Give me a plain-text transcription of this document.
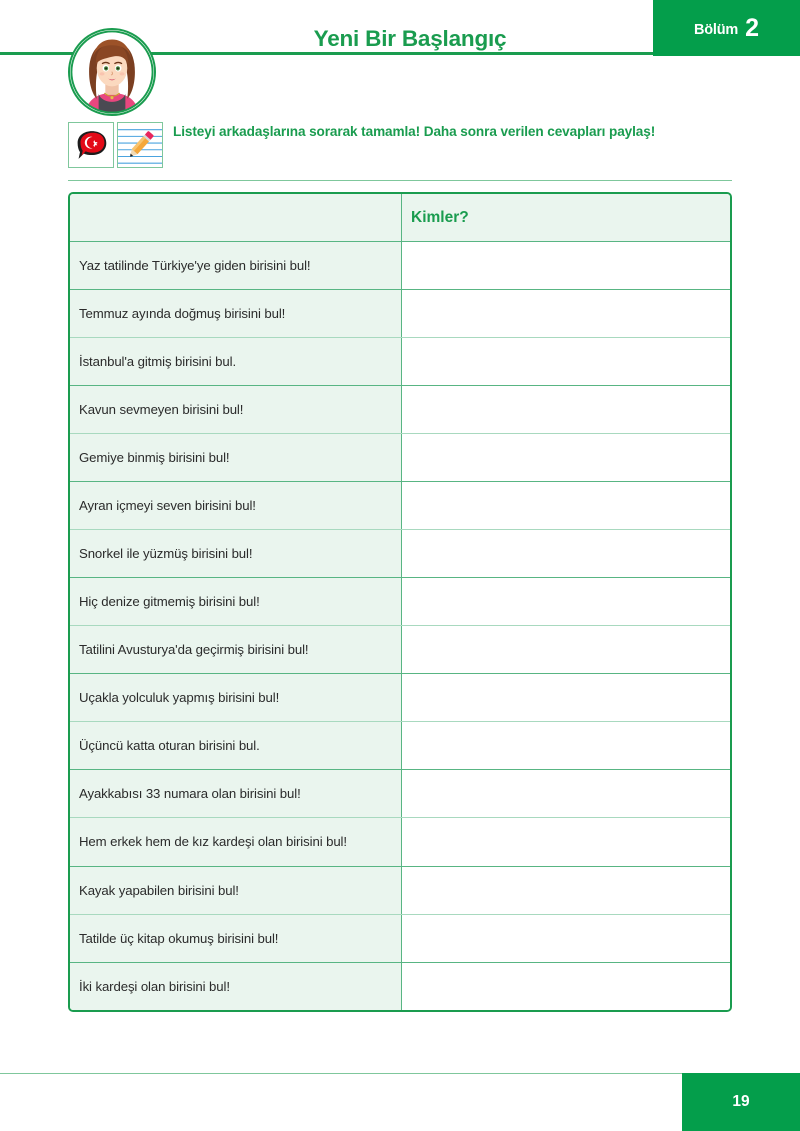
Yeni Bir Başlangıç	Bölüm 2
Listeyi arkadaşlarına sorarak tamamla! Daha sonra verilen cevapları paylaş!
Kimler?
Yaz tatilinde Türkiye'ye giden birisini bul!
Temmuz ayında doğmuş birisini bul!
İstanbul'a gitmiş birisini bul.
Kavun sevmeyen birisini bul!
Gemiye binmiş birisini bul!
Ayran içmeyi seven birisini bul!
Snorkel ile yüzmüş birisini bul!
Hiç denize gitmemiş birisini bul!
Tatilini Avusturya'da geçirmiş birisini bul!
Uçakla yolculuk yapmış birisini bul!
Üçüncü katta oturan birisini bul.
Ayakkabısı 33 numara olan birisini bul!
Hem erkek hem de kız kardeşi olan birisini bul!
Kayak yapabilen birisini bul!
Tatilde üç kitap okumuş birisini bul!
İki kardeşi olan birisini bul!
19
